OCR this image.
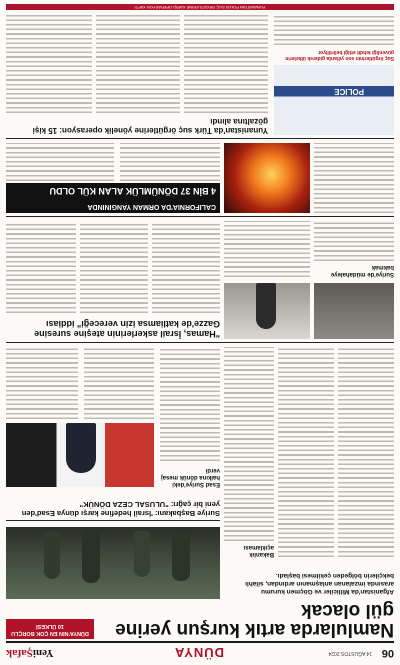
06
14 AĞUSTOS 2024
DÜNYA
YeniŞafak
Namlularda artık kurşun yerine gül olacak
DÜNYA'NIN EN ÇOK BORÇLU 10 ÜLKESİ
Afganistan'da Milliciler ve Göçmen kurumu arasında imzalanan anlaşmanın ardından, silahlı bekçilerin bölgeden çekilmesi başladı.
Bakanlık açıklaması
Suriye Başbakanı: 'İsrail hedefine karşı dünya Esad'den yeni bir çağrı: "ULUSAL CEZA DÖNÜK"
Esad Suriye'deki halkına dönük mesaj verdi
"Hamas, İsrail askerlerinin ateşine suresine Gazze'de katliamsa izin vereceği" iddiası
Suriye'de müdahaleye bakmak
CALIFORNIA'DA ORMAN YANGININDA
4 BİN 37 DÖNÜMLÜK ALAN KÜL OLDU
POLICE
Suç örgütlerinin son yıllarda giderek ülkelerin güvenliği tehdit ettiği belirtiliyor
Yunanistan'da Türk suç örgütlerine yönelik operasyon: 15 kişi gözaltına alındı
YUNANİSTAN POLİSİ SUÇ ÖRGÜTLERİNE KARŞI OPERASYON YAPTI
